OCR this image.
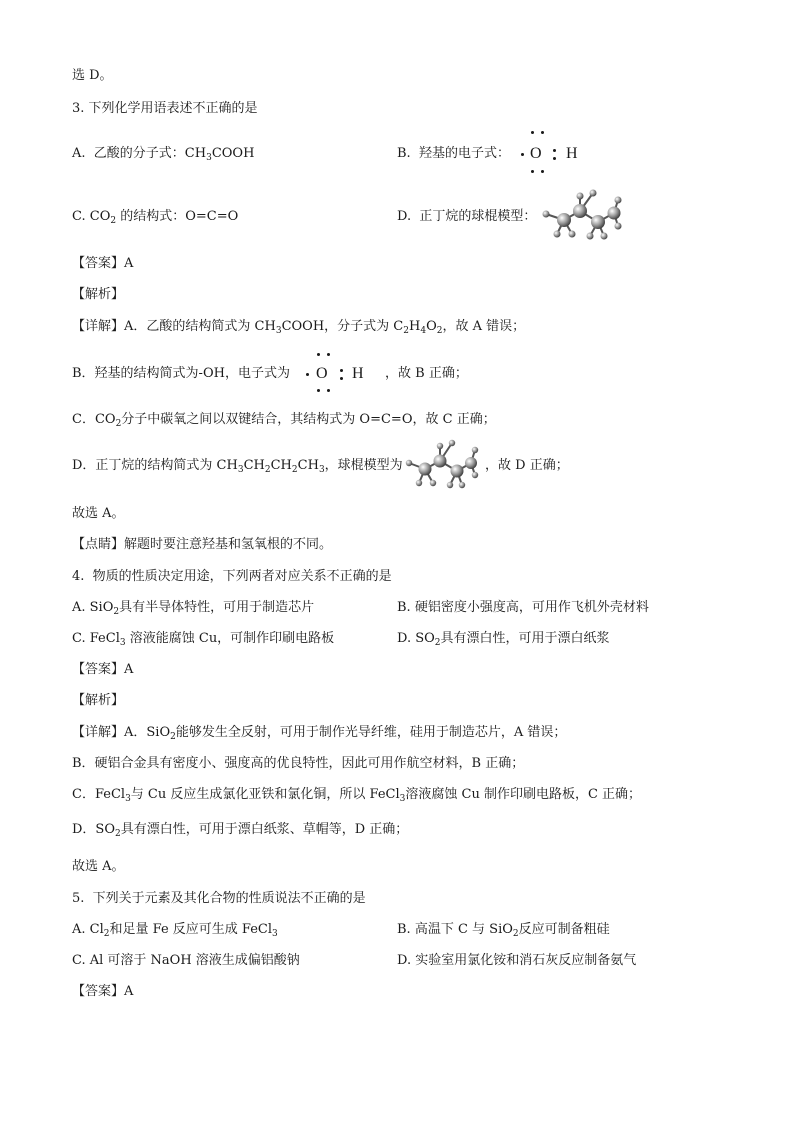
选 D。
3. 下列化学用语表述不正确的是
A. 乙酸的分子式：$CH_3COOH$	B. 羟基的电子式： O H
C. $CO_2$ 的结构式：O=C=O	D. 正丁烷的球棍模型：
【答案】A
【解析】
【详解】A．乙酸的结构简式为 $CH_3COOH$，分子式为 $C_2H_4O_2$，故 A 错误；
B．羟基的结构简式为-OH，电子式为 O H ，故 B 正确；
C．$CO_2$分子中碳氧之间以双键结合，其结构式为 O=C=O，故 C 正确；
D．正丁烷的结构简式为 $CH_3CH_2CH_2CH_3$，球棍模型为	，故 D 正确；
故选 A。
【点睛】解题时要注意羟基和氢氧根的不同。
4. 物质的性质决定用途，下列两者对应关系不正确的是
A. SiO$_2$具有半导体特性，可用于制造芯片	B. 硬铝密度小强度高，可用作飞机外壳材料
C. FeCl$_3$ 溶液能腐蚀 Cu，可制作印刷电路板	D. $SO_2$具有漂白性，可用于漂白纸浆
【答案】A
【解析】
【详解】A．SiO$_2$能够发生全反射，可用于制作光导纤维，硅用于制造芯片，A 错误；
B．硬铝合金具有密度小、强度高的优良特性，因此可用作航空材料，B 正确；
C．FeCl$_3$与 Cu 反应生成氯化亚铁和氯化铜，所以 FeCl$_3$溶液腐蚀 Cu 制作印刷电路板，C 正确；
D．$SO_2$具有漂白性，可用于漂白纸浆、草帽等，D 正确；
故选 A。
5. 下列关于元素及其化合物的性质说法不正确的是
A. $Cl_2$和足量 Fe 反应可生成 FeCl$_3$	B. 高温下 C 与 SiO$_2$反应可制备粗硅
C. Al 可溶于 NaOH 溶液生成偏铝酸钠	D. 实验室用氯化铵和消石灰反应制备氨气
【答案】A
